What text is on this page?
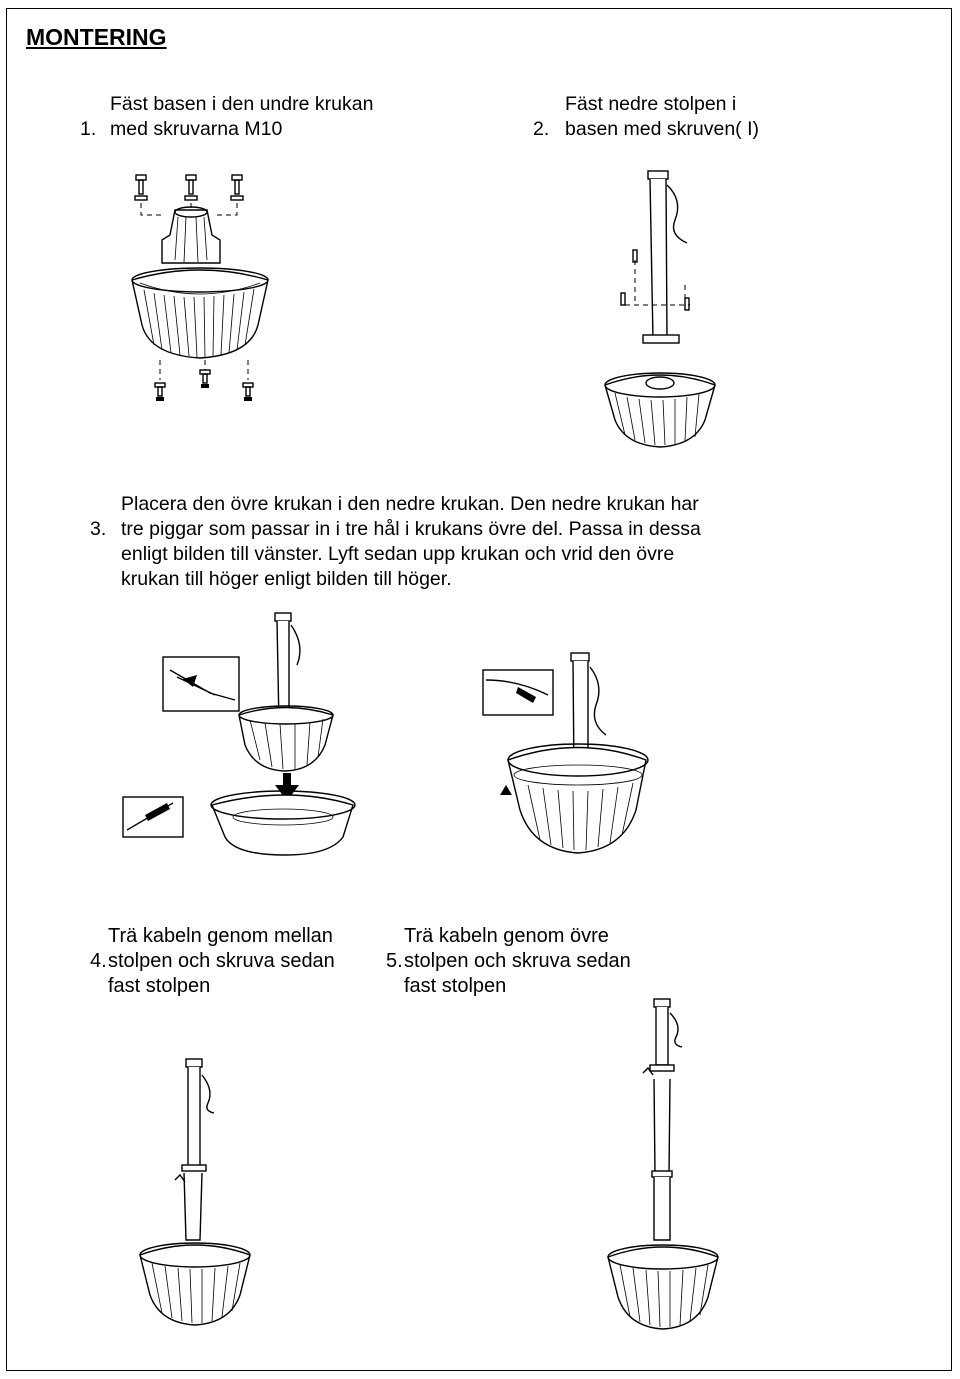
MONTERING

1.

Fäst basen i den undre krukan
med skruvarna M10	2.

Fäst nedre stolpen i
basen med skruven( I)

3.

Placera den övre krukan i den nedre krukan. Den nedre krukan har
tre piggar som passar in i tre hål i krukans övre del. Passa in dessa
enligt bilden till vänster. Lyft sedan upp krukan och vrid den övre
krukan till höger enligt bilden till höger.

4.
Trä kabeln genom mellan
stolpen och skruva sedan
fast stolpen

5.
Trä kabeln genom övre
stolpen och skruva sedan
fast stolpen
